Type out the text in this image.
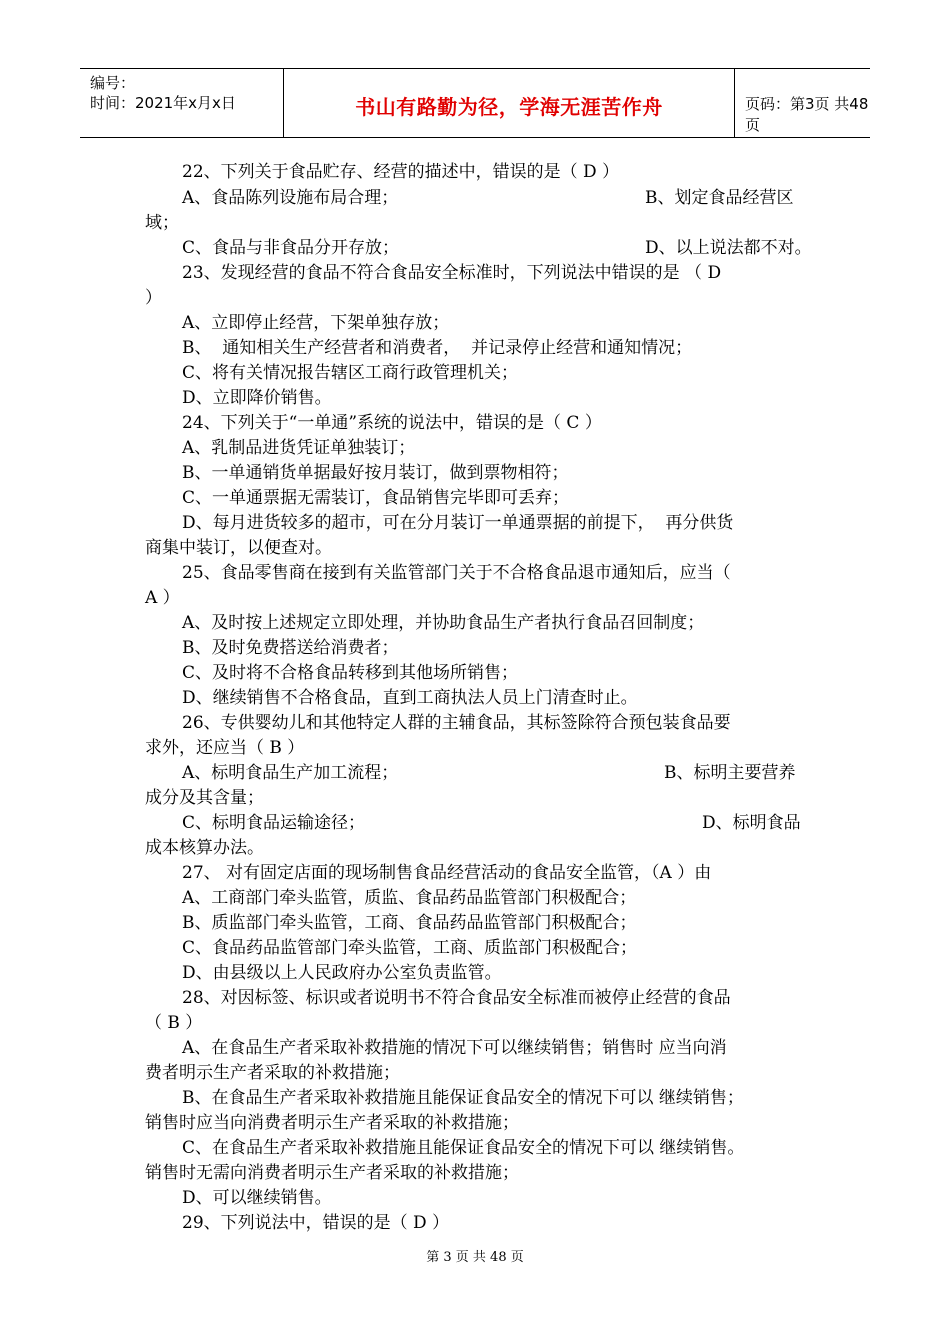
编号：
时间：2021年x月x日	书山有路勤为径，学海无涯苦作舟	页码：第3页 共48页
22、下列关于食品贮存、经营的描述中，错误的是（ D ）
A、食品陈列设施布局合理；	B、划定食品经营区
域；
C、食品与非食品分开存放；	D、以上说法都不对。
23、发现经营的食品不符合食品安全标准时，下列说法中错误的是 （ D
）
A、立即停止经营，下架单独存放；
B、  通知相关生产经营者和消费者，  并记录停止经营和通知情况；
C、将有关情况报告辖区工商行政管理机关；
D、立即降价销售。
24、下列关于“一单通”系统的说法中，错误的是（ C ）
A、乳制品进货凭证单独装订；
B、一单通销货单据最好按月装订，做到票物相符；
C、一单通票据无需装订，食品销售完毕即可丢弃；
D、每月进货较多的超市，可在分月装订一单通票据的前提下，  再分供货
商集中装订，以便查对。
25、食品零售商在接到有关监管部门关于不合格食品退市通知后，应当（
A ）
A、及时按上述规定立即处理，并协助食品生产者执行食品召回制度；
B、及时免费搭送给消费者；
C、及时将不合格食品转移到其他场所销售；
D、继续销售不合格食品，直到工商执法人员上门清查时止。
26、专供婴幼儿和其他特定人群的主辅食品，其标签除符合预包装食品要
求外，还应当（ B ）
A、标明食品生产加工流程；	B、标明主要营养
成分及其含量；
C、标明食品运输途径；	D、标明食品
成本核算办法。
27、 对有固定店面的现场制售食品经营活动的食品安全监管，（A ）由
A、工商部门牵头监管，质监、食品药品监管部门积极配合；
B、质监部门牵头监管，工商、食品药品监管部门积极配合；
C、食品药品监管部门牵头监管，工商、质监部门积极配合；
D、由县级以上人民政府办公室负责监管。
28、对因标签、标识或者说明书不符合食品安全标准而被停止经营的食品
（ B ）
A、在食品生产者采取补救措施的情况下可以继续销售；销售时 应当向消
费者明示生产者采取的补救措施；
B、在食品生产者采取补救措施且能保证食品安全的情况下可以 继续销售；
销售时应当向消费者明示生产者采取的补救措施；
C、在食品生产者采取补救措施且能保证食品安全的情况下可以 继续销售。
销售时无需向消费者明示生产者采取的补救措施；
D、可以继续销售。
29、下列说法中，错误的是（ D ）
第 3 页 共 48 页
